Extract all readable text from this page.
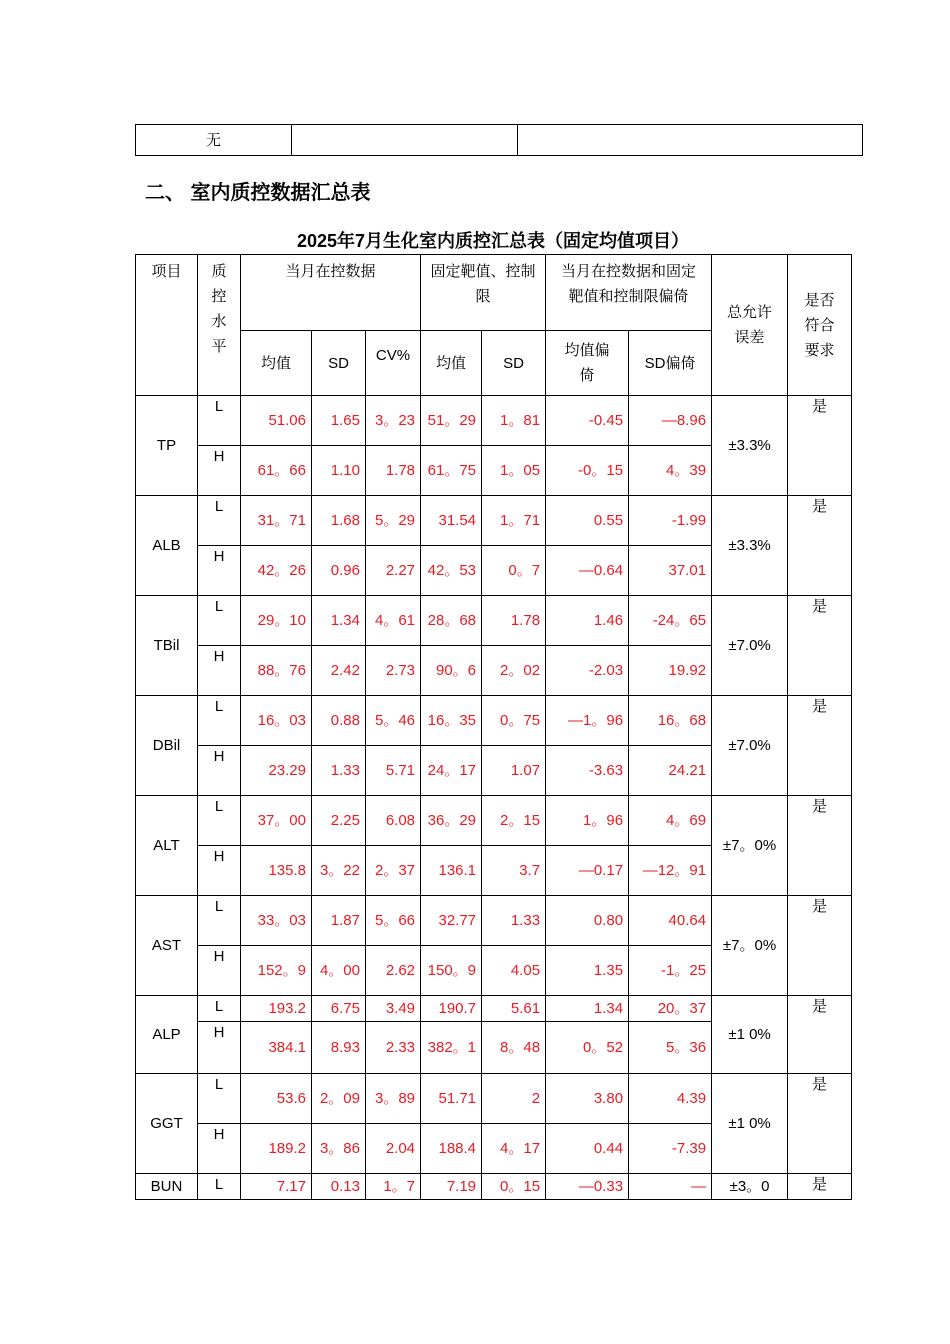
无		
二、 室内质控数据汇总表
2025年7月生化室内质控汇总表（固定均值项目）
项目	质控水平	当月在控数据			固定靶值、控制限		当月在控数据和固定靶值和控制限偏倚		总允许误差	是否符合要求
		均值	SD	CV%	均值	SD	均值偏倚	SD偏倚		
TP	L	51.06	1.65	3。23	51。29	1。81	-0.45	—8.96	±3.3%	是
	H	61。66	1.10	1.78	61。75	1。05	-0。15	4。39		
ALB	L	31。71	1.68	5。29	31.54	1。71	0.55	-1.99	±3.3%	是
	H	42。26	0.96	2.27	42。53	0。7	—0.64	37.01		
TBil	L	29。10	1.34	4。61	28。68	1.78	1.46	-24。65	±7.0%	是
	H	88。76	2.42	2.73	90。6	2。02	-2.03	19.92		
DBil	L	16。03	0.88	5。46	16。35	0。75	—1。96	16。68	±7.0%	是
	H	23.29	1.33	5.71	24。17	1.07	-3.63	24.21		
ALT	L	37。00	2.25	6.08	36。29	2。15	1。96	4。69	±7。0%	是
	H	135.8	3。22	2。37	136.1	3.7	—0.17	—12。91		
AST	L	33。03	1.87	5。66	32.77	1.33	0.80	40.64	±7。0%	是
	H	152。9	4。00	2.62	150。9	4.05	1.35	-1。25		
ALP	L	193.2	6.75	3.49	190.7	5.61	1.34	20。37	±1 0%	是
	H	384.1	8.93	2.33	382。1	8。48	0。52	5。36		
GGT	L	53.6	2。09	3。89	51.71	2	3.80	4.39	±1 0%	是
	H	189.2	3。86	2.04	188.4	4。17	0.44	-7.39		
BUN	L	7.17	0.13	1。7	7.19	0。15	—0.33	—	±3。0	是
